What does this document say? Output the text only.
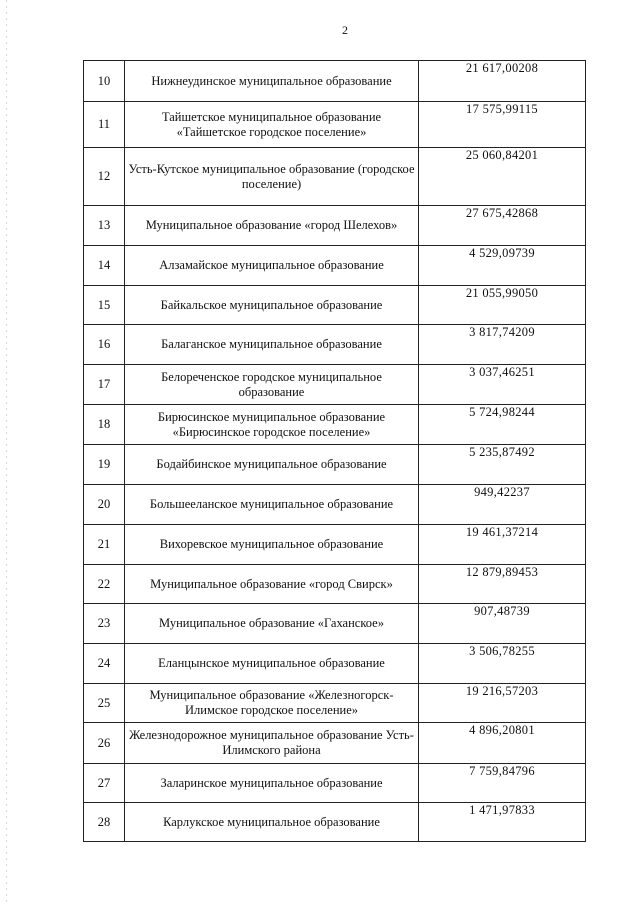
2
10	Нижнеудинское муниципальное образование	21 617,00208
11	Тайшетское муниципальное образование «Тайшетское городское поселение»	17 575,99115
12	Усть-Кутское муниципальное образование (городское поселение)	25 060,84201
13	Муниципальное образование «город Шелехов»	27 675,42868
14	Алзамайское муниципальное образование	4 529,09739
15	Байкальское муниципальное образование	21 055,99050
16	Балаганское муниципальное образование	3 817,74209
17	Белореченское городское муниципальное образование	3 037,46251
18	Бирюсинское муниципальное образование «Бирюсинское городское поселение»	5 724,98244
19	Бодайбинское муниципальное образование	5 235,87492
20	Большееланское муниципальное образование	949,42237
21	Вихоревское муниципальное образование	19 461,37214
22	Муниципальное образование «город Свирск»	12 879,89453
23	Муниципальное образование «Гаханское»	907,48739
24	Еланцынское муниципальное образование	3 506,78255
25	Муниципальное образование «Железногорск-Илимское городское поселение»	19 216,57203
26	Железнодорожное муниципальное образование Усть-Илимского района	4 896,20801
27	Заларинское муниципальное образование	7 759,84796
28	Карлукское муниципальное образование	1 471,97833
